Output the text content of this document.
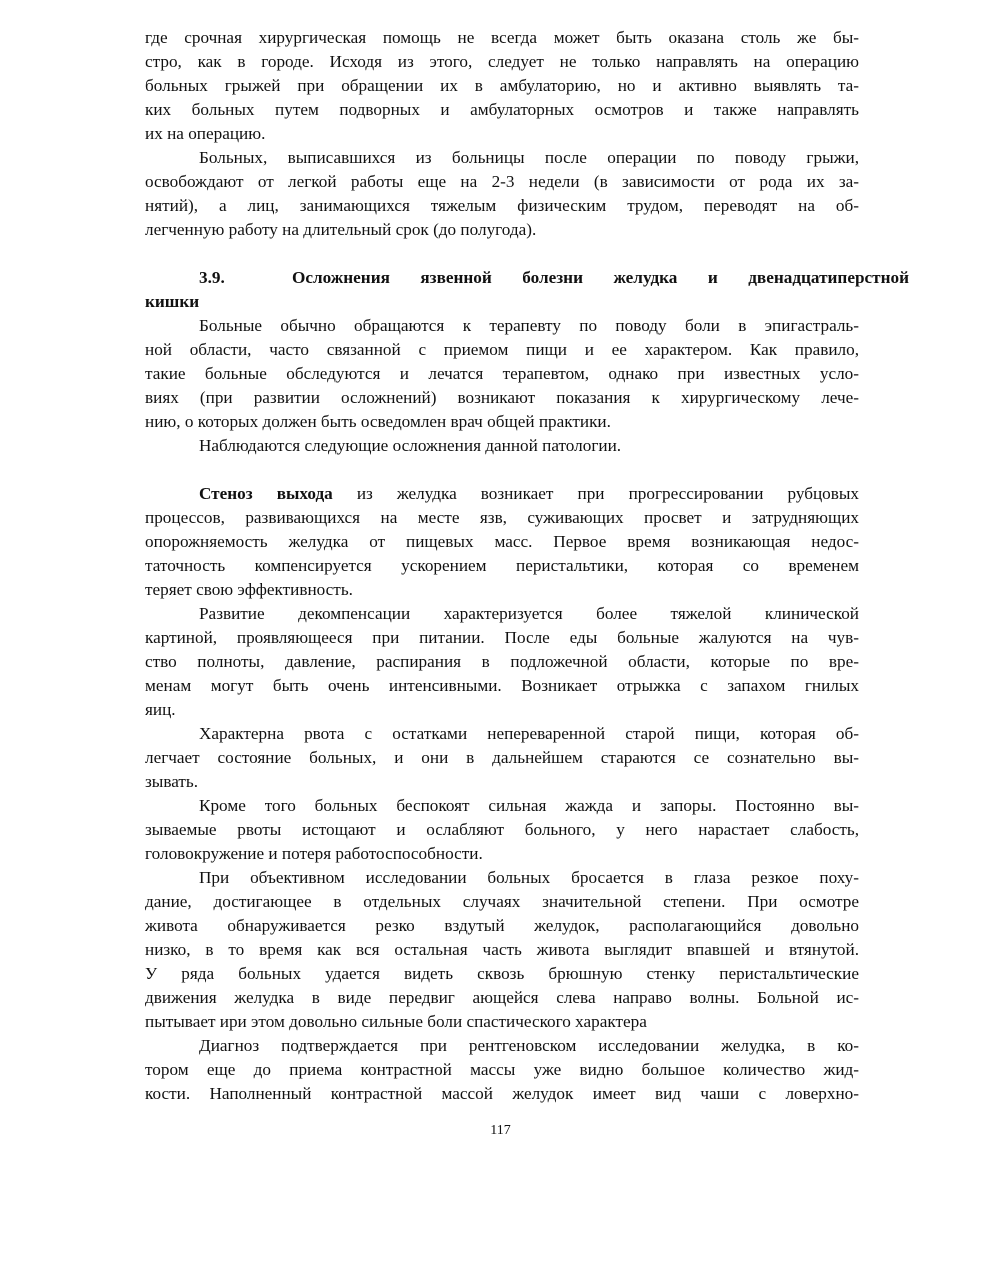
где срочная хирургическая помощь не всегда может быть оказана столь же бы-
стро, как в городе. Исходя из этого, следует не только направлять на операцию
больных грыжей при обращении их в амбулаторию, но и активно выявлять та-
ких больных путем подворных и амбулаторных осмотров и также направлять
их на операцию.
Больных, выписавшихся из больницы после операции по поводу грыжи,
освобождают от легкой работы еще на 2-3 недели (в зависимости от рода их за-
нятий), а лиц, занимающихся тяжелым физическим трудом, переводят на об-
легченную работу на длительный срок (до полугода).
3.9.	Осложнения язвенной болезни желудка и двенадцатиперстной
кишки
Больные обычно обращаются к терапевту по поводу боли в эпигастраль-
ной области, часто связанной с приемом пищи и ее характером. Как правило,
такие больные обследуются и лечатся терапевтом, однако при известных усло-
виях (при развитии осложнений) возникают показания к хирургическому лече-
нию, о которых должен быть осведомлен врач общей практики.
Наблюдаются следующие осложнения данной патологии.
Стеноз выхода из желудка возникает при прогрессировании рубцовых
процессов, развивающихся на месте язв, суживающих просвет и затрудняющих
опорожняемость желудка от пищевых масс. Первое время возникающая недос-
таточность компенсируется ускорением перистальтики, которая со временем
теряет свою эффективность.
Развитие декомпенсации характеризуется более тяжелой клинической
картиной, проявляющееся при питании. После еды больные жалуются на чув-
ство полноты, давление, распирания в подложечной области, которые по вре-
менам могут быть очень интенсивными. Возникает отрыжка с запахом гнилых
яиц.
Характерна рвота с остатками непереваренной старой пищи, которая об-
легчает состояние больных, и они в дальнейшем стараются се сознательно вы-
зывать.
Кроме того больных беспокоят сильная жажда и запоры. Постоянно вы-
зываемые рвоты истощают и ослабляют больного, у него нарастает слабость,
головокружение и потеря работоспособности.
При объективном исследовании больных бросается в глаза резкое поху-
дание, достигающее в отдельных случаях значительной степени. При осмотре
живота обнаруживается резко вздутый желудок, располагающийся довольно
низко, в то время как вся остальная часть живота выглядит впавшей и втянутой.
У ряда больных удается видеть сквозь брюшную стенку перистальтические
движения желудка в виде передвиг ающейся слева направо волны. Больной ис-
пытывает ири этом довольно сильные боли спастического характера
Диагноз подтверждается при рентгеновском исследовании желудка, в ко-
тором еще до приема контрастной массы уже видно большое количество жид-
кости. Наполненный контрастной массой желудок имеет вид чаши с ловерхно-
117
